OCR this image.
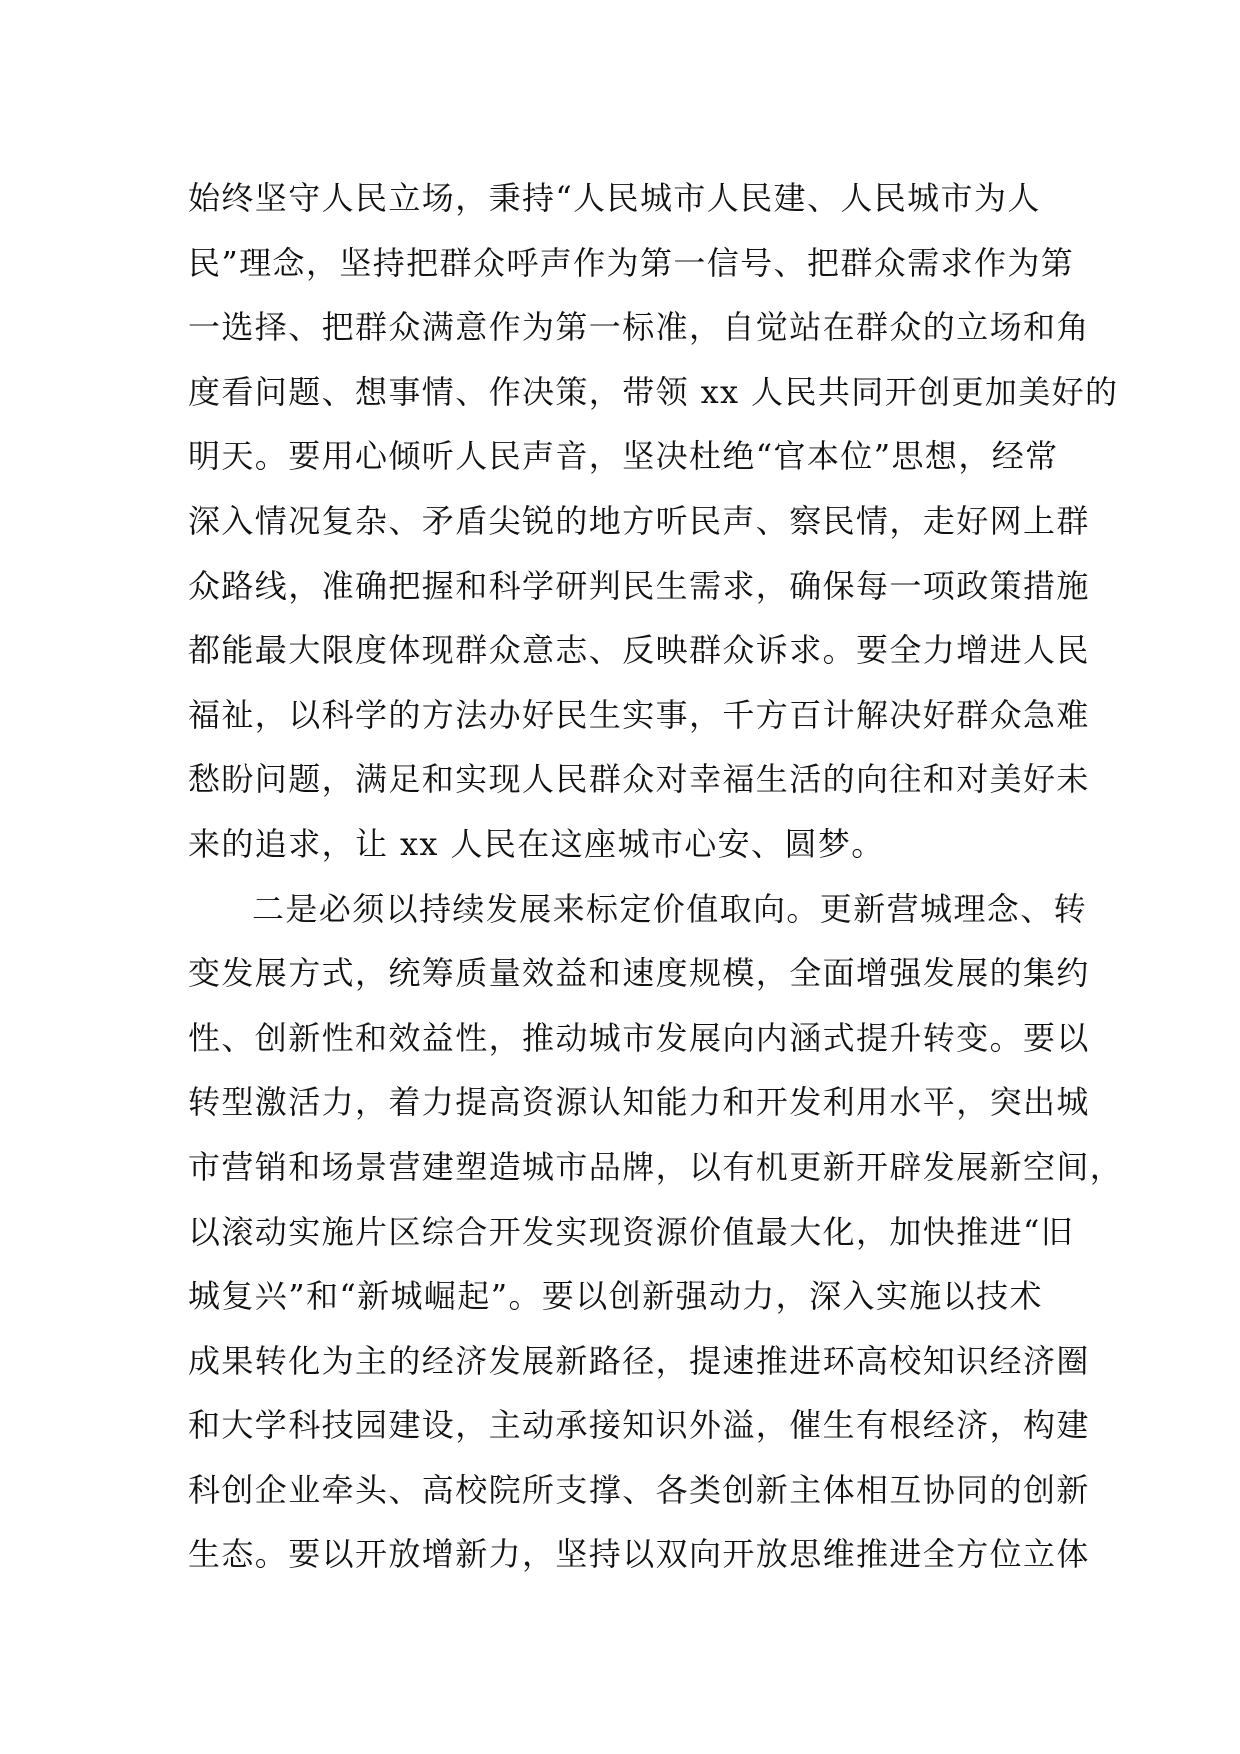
始终坚守人民立场，秉持“人民城市人民建、人民城市为人
民”理念，坚持把群众呼声作为第一信号、把群众需求作为第
一选择、把群众满意作为第一标准，自觉站在群众的立场和角
度看问题、想事情、作决策，带领 xx 人民共同开创更加美好的
明天。要用心倾听人民声音，坚决杜绝“官本位”思想，经常
深入情况复杂、矛盾尖锐的地方听民声、察民情，走好网上群
众路线，准确把握和科学研判民生需求，确保每一项政策措施
都能最大限度体现群众意志、反映群众诉求。要全力增进人民
福祉，以科学的方法办好民生实事，千方百计解决好群众急难
愁盼问题，满足和实现人民群众对幸福生活的向往和对美好未
来的追求，让 xx 人民在这座城市心安、圆梦。
二是必须以持续发展来标定价值取向。更新营城理念、转
变发展方式，统筹质量效益和速度规模，全面增强发展的集约
性、创新性和效益性，推动城市发展向内涵式提升转变。要以
转型激活力，着力提高资源认知能力和开发利用水平，突出城
市营销和场景营建塑造城市品牌，以有机更新开辟发展新空间，
以滚动实施片区综合开发实现资源价值最大化，加快推进“旧
城复兴”和“新城崛起”。要以创新强动力，深入实施以技术
成果转化为主的经济发展新路径，提速推进环高校知识经济圈
和大学科技园建设，主动承接知识外溢，催生有根经济，构建
科创企业牵头、高校院所支撑、各类创新主体相互协同的创新
生态。要以开放增新力，坚持以双向开放思维推进全方位立体
